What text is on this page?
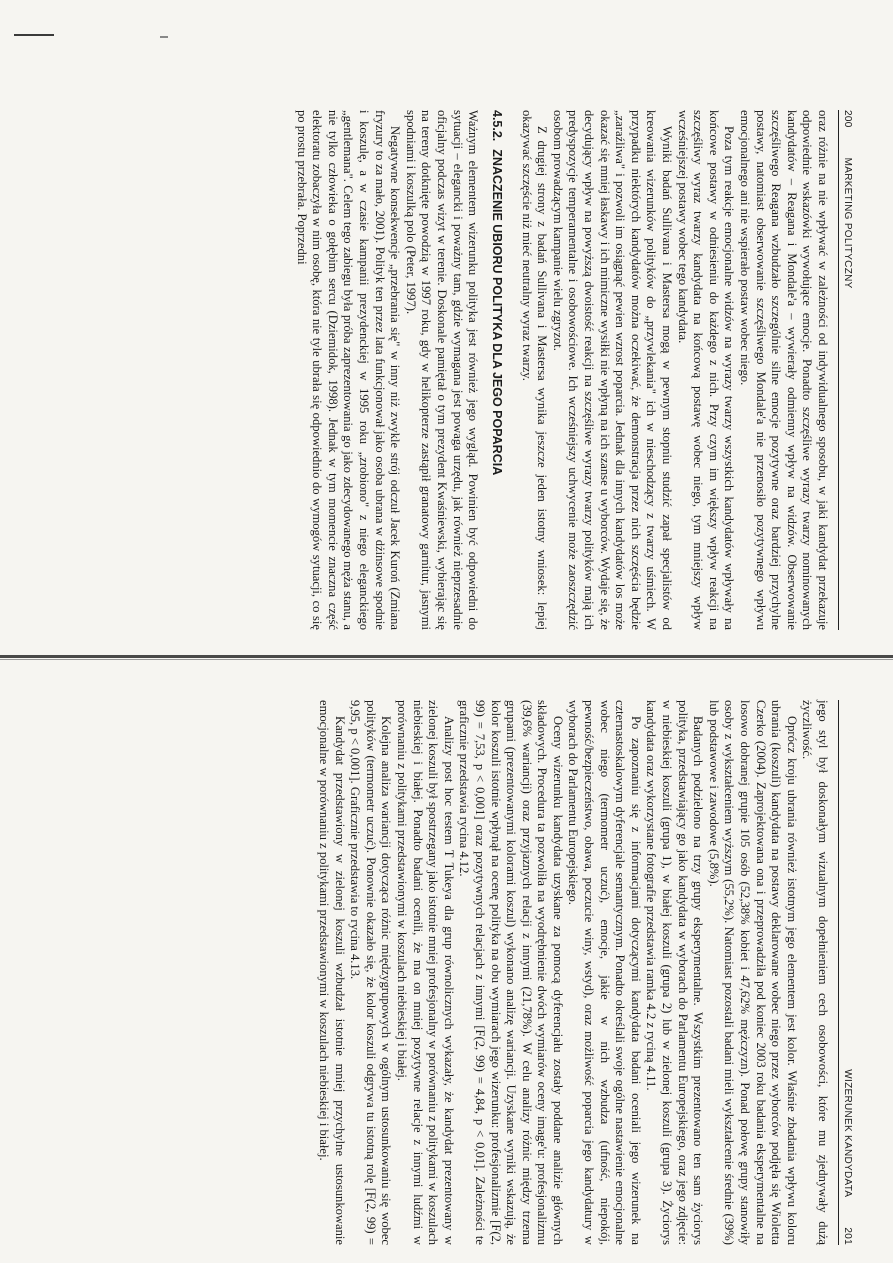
200
MARKETING POLITYCZNY

oraz różnie na nie wpływać w zależności od indywidualnego sposobu, w jaki kandydat przekazuje odpowiednie wskazówki wywołujące emocje. Ponadto szczęśliwe wyrazy twarzy nominowanych kandydatów – Reagana i Mondale'a – wywierały odmienny wpływ na widzów. Obserwowanie szczęśliwego Reagana wzbudzało szczególnie silne emocje pozytywne oraz bardziej przychylne postawy, natomiast obserwowanie szczęśliwego Mondale'a nie przenosiło pozytywnego wpływu emocjonalnego ani nie wspierało postaw wobec niego.

Poza tym reakcje emocjonalne widzów na wyrazy twarzy wszystkich kandydatów wpływały na końcowe postawy w odniesieniu do każdego z nich. Przy czym im większy wpływ reakcji na szczęśliwy wyraz twarzy kandydata na końcową postawę wobec niego, tym mniejszy wpływ wcześniejszej postawy wobec tego kandydata.

Wyniki badań Sullivana i Mastersa mogą w pewnym stopniu studzić zapał specjalistów od kreowania wizerunków polityków do „przywlekania" ich w nieschodzący z twarzy uśmiech. W przypadku niektórych kandydatów można oczekiwać, że demonstracja przez nich szczęścia będzie „zaraźliwa" i pozwoli im osiągnąć pewien wzrost poparcia. Jednak dla innych kandydatów los może okazać się mniej łaskawy i ich mimiczne wysiłki nie wpłyną na ich szanse u wyborców. Wydaje się, że decydujący wpływ na powyższą dwoistość reakcji na szczęśliwe wyrazy twarzy polityków mają ich predyspozycje temperamentalne i osobowościowe. Ich wcześniejszy uchwycenie może zaoszczędzić osobom prowadzącym kampanie wielu zgryzot.

Z drugiej strony z badań Sullivana i Mastersa wynika jeszcze jeden istotny wniosek: lepiej okazywać szczęście niż mieć neutralny wyraz twarzy.

4.5.2.ZNACZENIE UBIORU POLITYKA DLA JEGO POPARCIA

Ważnym elementem wizerunku polityka jest również jego wygląd. Powinien być odpowiedni do sytuacji – elegancki i poważny tam, gdzie wymagana jest powaga urzędu, jak również nieprzesadnie oficjalny podczas wizyt w terenie. Doskonale pamiętał o tym prezydent Kwaśniewski, wybierając się na tereny dotknięte powodzią w 1997 roku, gdy w helikopterze zastąpił granatowy garnitur, jasnymi spodniami i koszulką polo (Peter, 1997).

Negatywne konsekwencje „przebrania się" w inny niż zwykle strój odczuł Jacek Kuroń (Zmiana fryzury to za mało, 2001). Polityk ten przez lata funkcjonował jako osoba ubrana w dżinsowe spodnie i koszulę, a w czasie kampanii prezydenckiej w 1995 roku „zrobiono" z niego eleganckiego „gentlemana". Celem tego zabiegu była próba zaprezentowania go jako zdecydowanego męża stanu, a nie tylko człowieka o gołębim sercu (Dziemidok, 1998). Jednak w tym momencie znaczna część elektoratu zobaczyła w nim osobę, która nie tyle ubrała się odpowiednio do wymogów sytuacji, co się po prostu przebrała. Poprzedni

WIZERUNEK KANDYDATA
201

jego styl był doskonałym wizualnym dopełnieniem cech osobowości, które mu zjednywały dużą życzliwość.

Oprócz kroju ubrania również istotnym jego elementem jest kolor. Właśnie zbadania wpływu koloru ubrania (koszuli) kandydata na postawy deklarowane wobec niego przez wyborców podjęła się Wioletta Czerko (2004). Zaprojektowana ona i przeprowadziła pod koniec 2003 roku badania eksperymentalne na losowo dobranej grupie 105 osób (52,38% kobiet i 47,62% mężczyzn). Ponad połowę grupy stanowiły osoby z wykształceniem wyższym (55,2%). Natomiast pozostali badani mieli wykształcenie średnie (39%) lub podstawowe i zawodowe (5,8%).

Badanych podzielono na trzy grupy eksperymentalne. Wszystkim prezentowano ten sam życiorys polityka, przedstawiający go jako kandydata w wyborach do Parlamentu Europejskiego, oraz jego zdjęcie: w niebieskiej koszuli (grupa 1), w białej koszuli (grupa 2) lub w zielonej koszuli (grupa 3). Życiorys kandydata oraz wykorzystane fotografie przedstawia ramka 4.2 z ryciną 4.11.

Po zapoznaniu się z informacjami dotyczącymi kandydata badani oceniali jego wizerunek na czternastoskalowym dyferencjale semantycznym. Ponadto określali swoje ogólne nastawienie emocjonalne wobec niego (termometr uczuć), emocje, jakie w nich wzbudza (ufność, niepokój, pewność/bezpieczeństwo, obawa, poczucie winy, wstyd), oraz możliwość poparcia jego kandydatury w wyborach do Parlamentu Europejskiego.

Oceny wizerunku kandydata uzyskane za pomocą dyferencjału zostały poddane analizie głównych składowych. Procedura ta pozwoliła na wyodrębnienie dwóch wymiarów oceny image'u: profesjonalizmu (39,6% wariancji) oraz przyjaznych relacji z innymi (21,78%). W celu analizy różnic między trzema grupami (prezentowanymi kolorami koszul) wykonano analizę wariancji. Uzyskane wyniki wskazują, że kolor koszuli istotnie wpłynął na ocenę polityka na obu wymiarach jego wizerunku: profesjonalizmie [F(2, 99) = 7,53, p < 0,001] oraz pozytywnych relacjach z innymi [F(2, 99) = 4,84, p < 0,01]. Zależności te graficznie przedstawia rycina 4.12.

Analizy post hoc testem T Tukeya dla grup równolicznych wykazały, że kandydat prezentowany w zielonej koszuli był spostrzegany jako istotnie mniej profesjonalny w porównaniu z politykami w koszulach niebieskiej i białej. Ponadto badani ocenili, że ma on mniej pozytywne relacje z innymi ludźmi w porównaniu z politykami przedstawionymi w koszulach niebieskiej i białej.

Kolejna analiza wariancji dotycząca różnic międzygrupowych w ogólnym ustosunkowaniu się wobec polityków (termometr uczuć). Ponownie okazało się, że kolor koszuli odgrywa tu istotną rolę [F(2, 99) = 9,95, p < 0,001]. Graficznie przedstawia to rycina 4.13.

Kandydat przedstawiony w zielonej koszuli wzbudzał istotnie mniej przychylne ustosunkowanie emocjonalne w porównaniu z politykami przedstawionymi w koszulach niebieskiej i białej.
